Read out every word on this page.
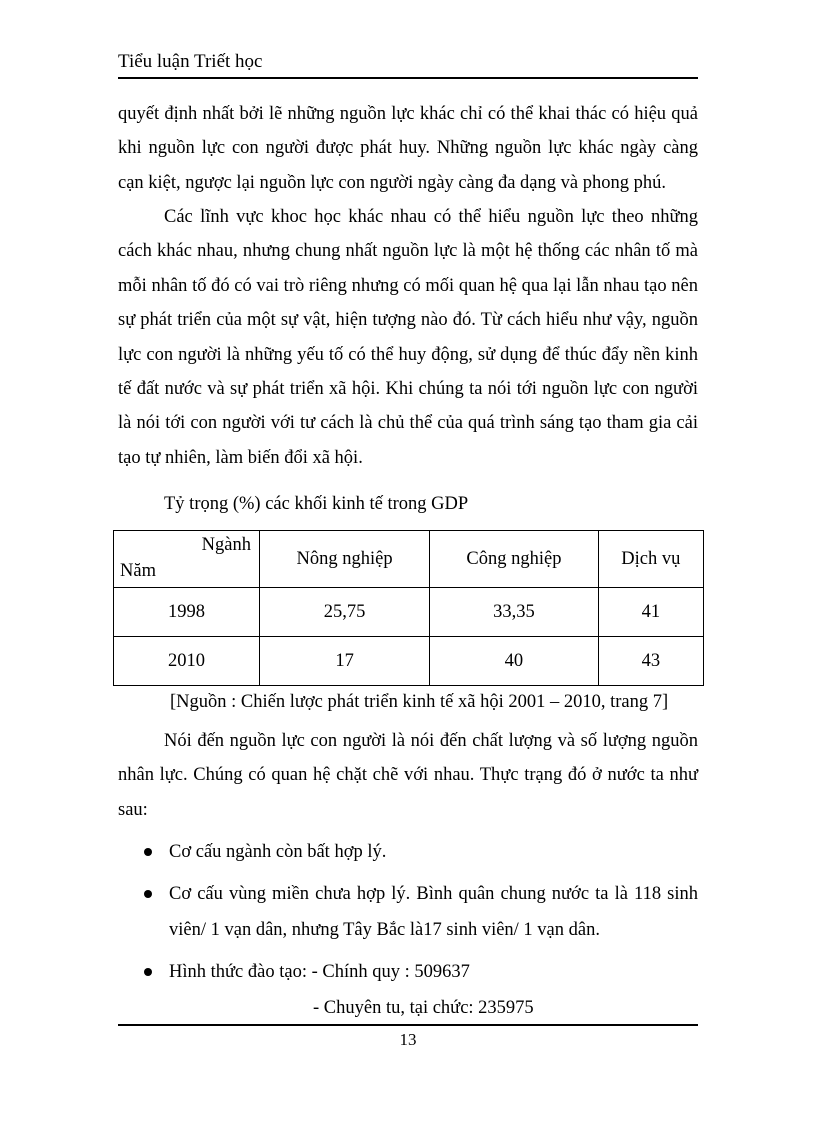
Tiểu luận Triết học

quyết định nhất bởi lẽ những nguồn lực khác chỉ có thể khai thác có hiệu quả khi nguồn lực con người được phát huy. Những nguồn lực khác ngày càng cạn kiệt, ngược lại nguồn lực con người ngày càng đa dạng và phong phú.

Các lĩnh vực khoc học khác nhau có thể hiểu nguồn lực theo những cách khác nhau, nhưng chung nhất nguồn lực là một hệ thống các nhân tố mà mỗi nhân tố đó có vai trò riêng nhưng có mối quan hệ qua lại lẫn nhau tạo nên sự phát triển của một sự vật, hiện tượng nào đó. Từ cách hiểu như vậy, nguồn lực con người là những yếu tố có thể huy động, sử dụng để thúc đẩy nền kinh tế đất nước và sự phát triển xã hội. Khi chúng ta nói tới nguồn lực con người là nói tới con người với tư cách là chủ thể của quá trình sáng tạo tham gia cải tạo tự nhiên, làm biến đổi xã hội.

Tỷ trọng (%) các khối kinh tế trong GDP
Ngành
Năm	Nông nghiệp	Công nghiệp	Dịch vụ
1998	25,75	33,35	41
2010	17	40	43
[Nguồn : Chiến lược phát triển kinh tế xã hội 2001 – 2010, trang 7]

Nói đến nguồn lực con người là nói đến chất lượng và số lượng nguồn nhân lực. Chúng có quan hệ chặt chẽ với nhau. Thực trạng đó ở nước ta như sau:

Cơ cấu ngành còn bất hợp lý.
Cơ cấu vùng miền chưa hợp lý. Bình quân chung nước ta là 118 sinh viên/ 1 vạn dân, nhưng Tây Bắc là17 sinh viên/ 1 vạn dân.
Hình thức đào tạo: - Chính quy : 509637
- Chuyên tu, tại chức: 235975
13
